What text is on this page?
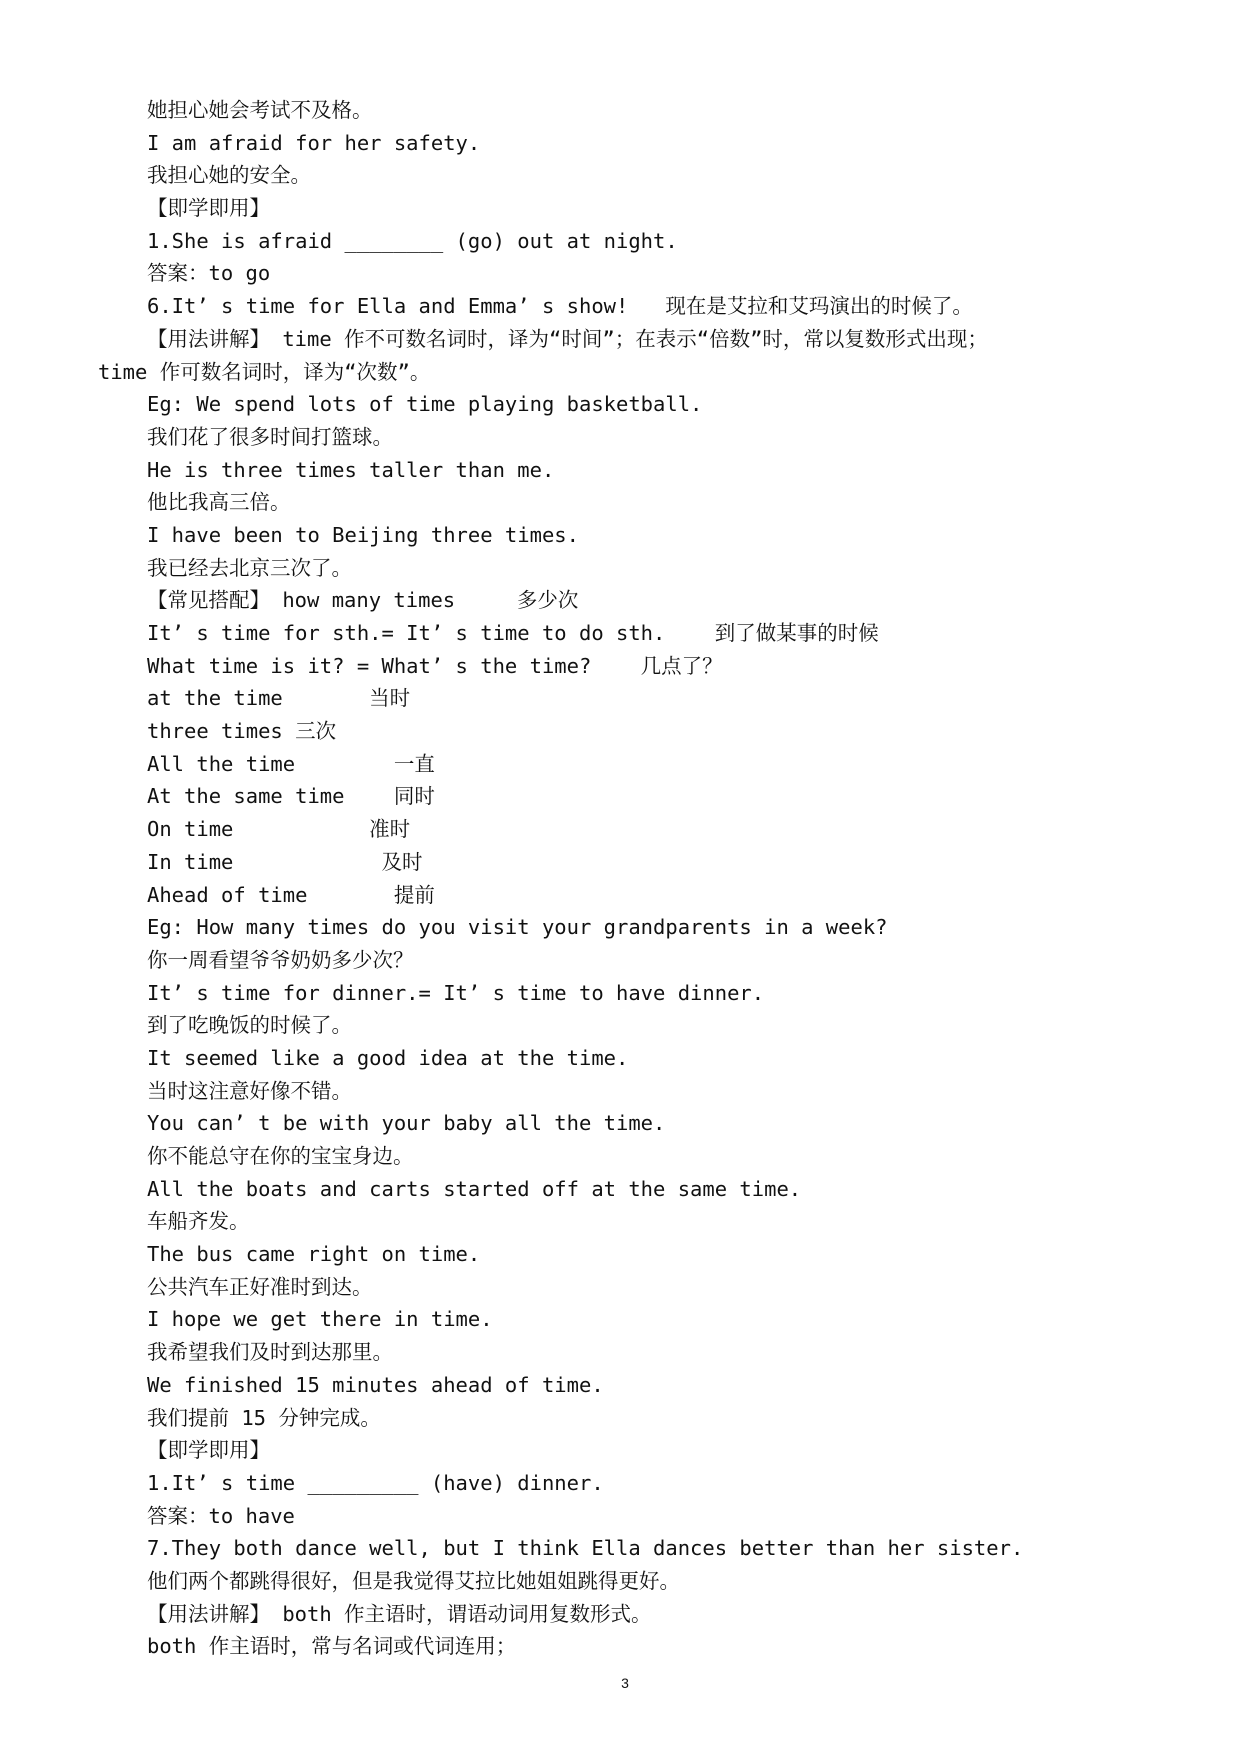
她担心她会考试不及格。
I am afraid for her safety.
我担心她的安全。
【即学即用】
1.She is afraid ________ (go) out at night.
答案：to go
6.It’ s time for Ella and Emma’ s show!   现在是艾拉和艾玛演出的时候了。
【用法讲解】 time 作不可数名词时，译为“时间”；在表示“倍数”时，常以复数形式出现；
time 作可数名词时，译为“次数”。
Eg: We spend lots of time playing basketball.
我们花了很多时间打篮球。
He is three times taller than me.
他比我高三倍。
I have been to Beijing three times.
我已经去北京三次了。
【常见搭配】 how many times     多少次
It’ s time for sth.= It’ s time to do sth.    到了做某事的时候
What time is it? = What’ s the time?    几点了？
at the time       当时
three times 三次
All the time        一直
At the same time    同时
On time           准时
In time            及时
Ahead of time       提前
Eg: How many times do you visit your grandparents in a week?
你一周看望爷爷奶奶多少次？
It’ s time for dinner.= It’ s time to have dinner.
到了吃晚饭的时候了。
It seemed like a good idea at the time.
当时这注意好像不错。
You can’ t be with your baby all the time.
你不能总守在你的宝宝身边。
All the boats and carts started off at the same time.
车船齐发。
The bus came right on time.
公共汽车正好准时到达。
I hope we get there in time.
我希望我们及时到达那里。
We finished 15 minutes ahead of time.
我们提前 15 分钟完成。
【即学即用】
1.It’ s time _________ (have) dinner.
答案：to have
7.They both dance well, but I think Ella dances better than her sister.
他们两个都跳得很好，但是我觉得艾拉比她姐姐跳得更好。
【用法讲解】 both 作主语时，谓语动词用复数形式。
both 作主语时，常与名词或代词连用；
3
